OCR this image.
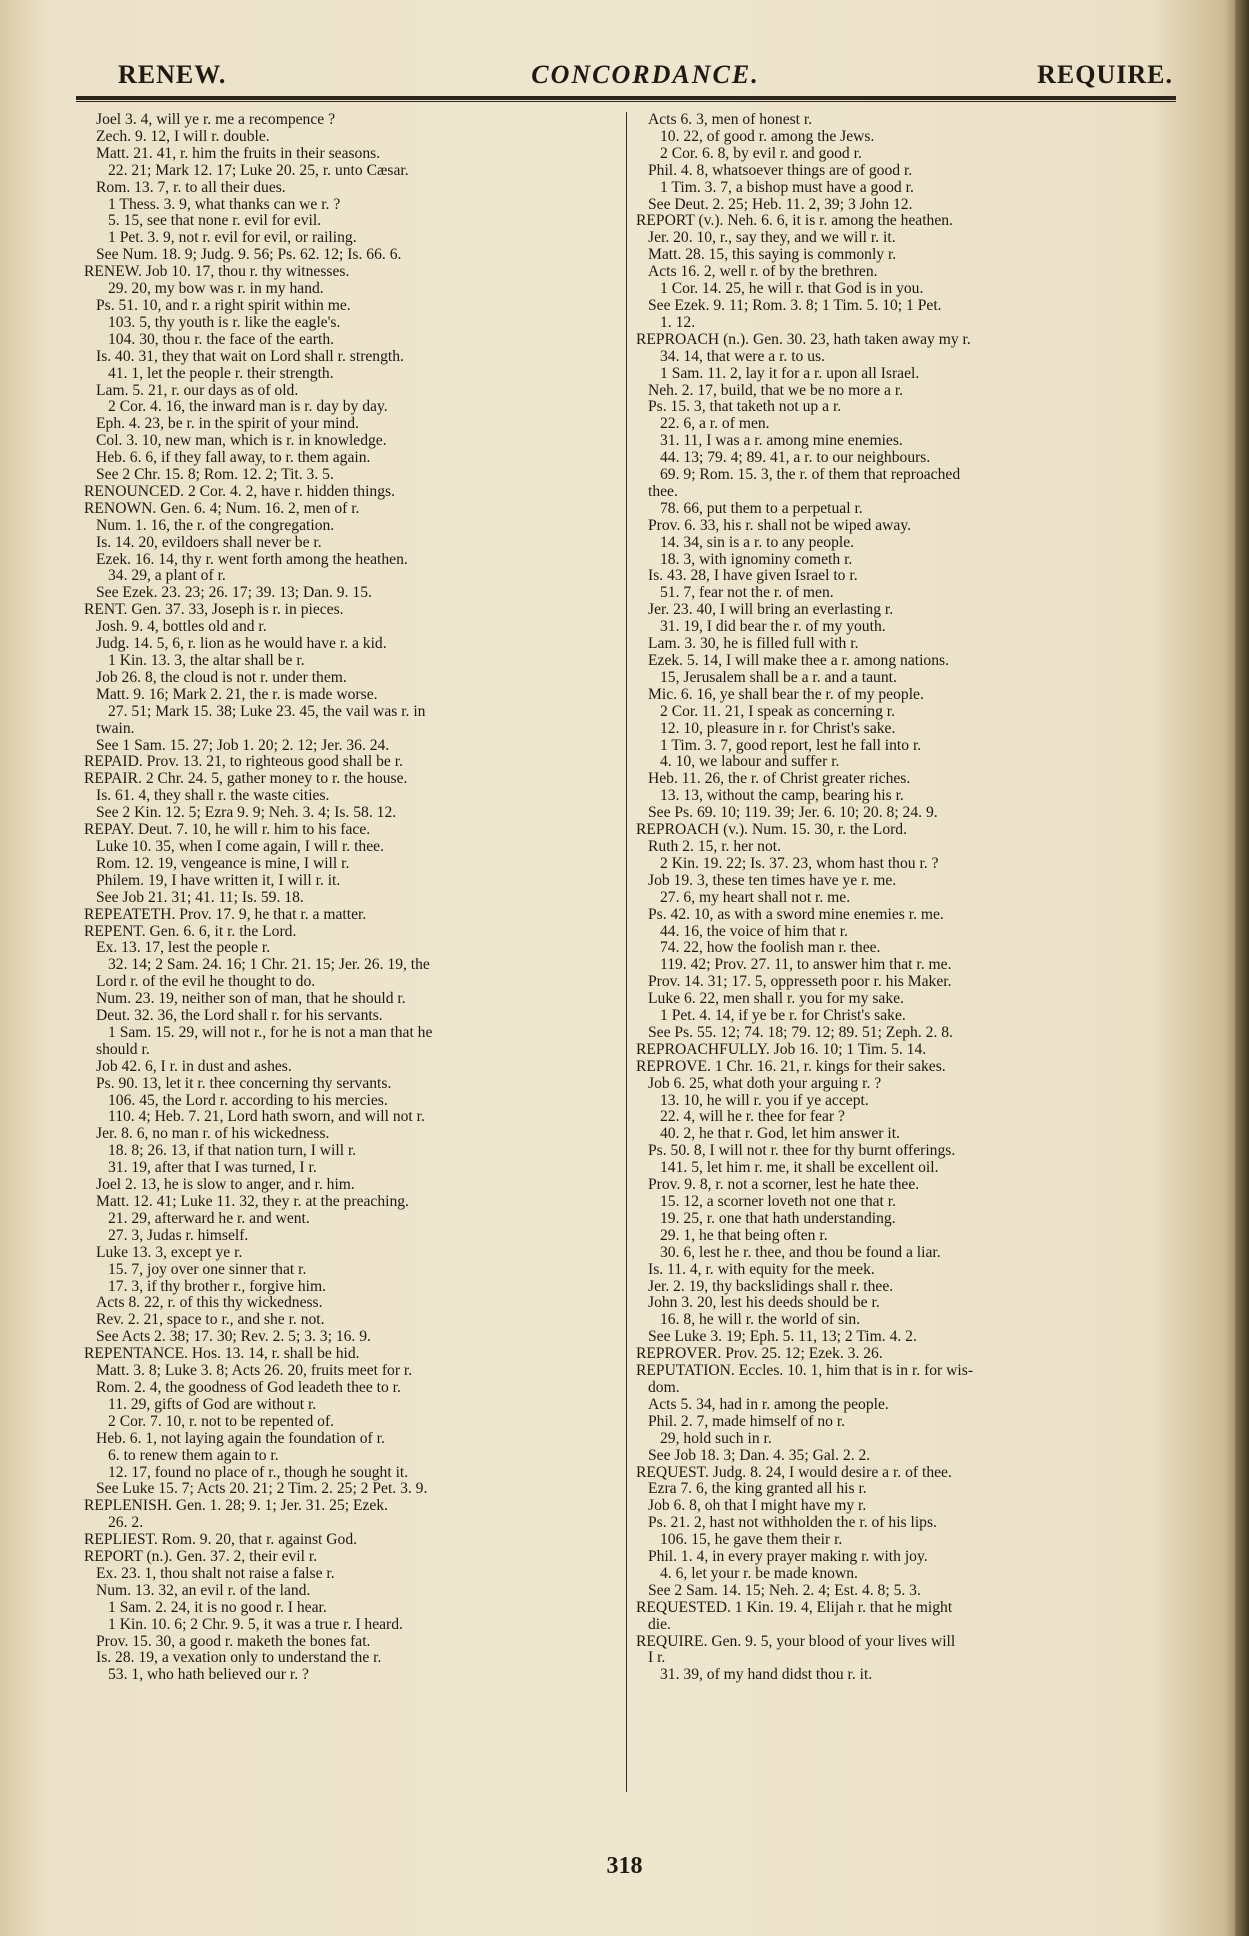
CONCORDANCE.
RENEW.	REQUIRE.
Joel 3. 4, will ye r. me a recompence ?
Zech. 9. 12, I will r. double.
Matt. 21. 41, r. him the fruits in their seasons.
22. 21; Mark 12. 17; Luke 20. 25, r. unto Cæsar.
Rom. 13. 7, r. to all their dues.
1 Thess. 3. 9, what thanks can we r. ?
5. 15, see that none r. evil for evil.
1 Pet. 3. 9, not r. evil for evil, or railing.
See Num. 18. 9; Judg. 9. 56; Ps. 62. 12; Is. 66. 6.
RENEW. Job 10. 17, thou r. thy witnesses.
29. 20, my bow was r. in my hand.
Ps. 51. 10, and r. a right spirit within me.
103. 5, thy youth is r. like the eagle's.
104. 30, thou r. the face of the earth.
Is. 40. 31, they that wait on Lord shall r. strength.
41. 1, let the people r. their strength.
Lam. 5. 21, r. our days as of old.
2 Cor. 4. 16, the inward man is r. day by day.
Eph. 4. 23, be r. in the spirit of your mind.
Col. 3. 10, new man, which is r. in knowledge.
Heb. 6. 6, if they fall away, to r. them again.
See 2 Chr. 15. 8; Rom. 12. 2; Tit. 3. 5.
RENOUNCED. 2 Cor. 4. 2, have r. hidden things.
RENOWN. Gen. 6. 4; Num. 16. 2, men of r.
Num. 1. 16, the r. of the congregation.
Is. 14. 20, evildoers shall never be r.
Ezek. 16. 14, thy r. went forth among the heathen.
34. 29, a plant of r.
See Ezek. 23. 23; 26. 17; 39. 13; Dan. 9. 15.
RENT. Gen. 37. 33, Joseph is r. in pieces.
Josh. 9. 4, bottles old and r.
Judg. 14. 5, 6, r. lion as he would have r. a kid.
1 Kin. 13. 3, the altar shall be r.
Job 26. 8, the cloud is not r. under them.
Matt. 9. 16; Mark 2. 21, the r. is made worse.
27. 51; Mark 15. 38; Luke 23. 45, the vail was r. in
twain.
See 1 Sam. 15. 27; Job 1. 20; 2. 12; Jer. 36. 24.
REPAID. Prov. 13. 21, to righteous good shall be r.
REPAIR. 2 Chr. 24. 5, gather money to r. the house.
Is. 61. 4, they shall r. the waste cities.
See 2 Kin. 12. 5; Ezra 9. 9; Neh. 3. 4; Is. 58. 12.
REPAY. Deut. 7. 10, he will r. him to his face.
Luke 10. 35, when I come again, I will r. thee.
Rom. 12. 19, vengeance is mine, I will r.
Philem. 19, I have written it, I will r. it.
See Job 21. 31; 41. 11; Is. 59. 18.
REPEATETH. Prov. 17. 9, he that r. a matter.
REPENT. Gen. 6. 6, it r. the Lord.
Ex. 13. 17, lest the people r.
32. 14; 2 Sam. 24. 16; 1 Chr. 21. 15; Jer. 26. 19, the
Lord r. of the evil he thought to do.
Num. 23. 19, neither son of man, that he should r.
Deut. 32. 36, the Lord shall r. for his servants.
1 Sam. 15. 29, will not r., for he is not a man that he
should r.
Job 42. 6, I r. in dust and ashes.
Ps. 90. 13, let it r. thee concerning thy servants.
106. 45, the Lord r. according to his mercies.
110. 4; Heb. 7. 21, Lord hath sworn, and will not r.
Jer. 8. 6, no man r. of his wickedness.
18. 8; 26. 13, if that nation turn, I will r.
31. 19, after that I was turned, I r.
Joel 2. 13, he is slow to anger, and r. him.
Matt. 12. 41; Luke 11. 32, they r. at the preaching.
21. 29, afterward he r. and went.
27. 3, Judas r. himself.
Luke 13. 3, except ye r.
15. 7, joy over one sinner that r.
17. 3, if thy brother r., forgive him.
Acts 8. 22, r. of this thy wickedness.
Rev. 2. 21, space to r., and she r. not.
See Acts 2. 38; 17. 30; Rev. 2. 5; 3. 3; 16. 9.
REPENTANCE. Hos. 13. 14, r. shall be hid.
Matt. 3. 8; Luke 3. 8; Acts 26. 20, fruits meet for r.
Rom. 2. 4, the goodness of God leadeth thee to r.
11. 29, gifts of God are without r.
2 Cor. 7. 10, r. not to be repented of.
Heb. 6. 1, not laying again the foundation of r.
6. to renew them again to r.
12. 17, found no place of r., though he sought it.
See Luke 15. 7; Acts 20. 21; 2 Tim. 2. 25; 2 Pet. 3. 9.
REPLENISH. Gen. 1. 28; 9. 1; Jer. 31. 25; Ezek.
26. 2.
REPLIEST. Rom. 9. 20, that r. against God.
REPORT (n.). Gen. 37. 2, their evil r.
Ex. 23. 1, thou shalt not raise a false r.
Num. 13. 32, an evil r. of the land.
1 Sam. 2. 24, it is no good r. I hear.
1 Kin. 10. 6; 2 Chr. 9. 5, it was a true r. I heard.
Prov. 15. 30, a good r. maketh the bones fat.
Is. 28. 19, a vexation only to understand the r.
53. 1, who hath believed our r. ?
Acts 6. 3, men of honest r.
10. 22, of good r. among the Jews.
2 Cor. 6. 8, by evil r. and good r.
Phil. 4. 8, whatsoever things are of good r.
1 Tim. 3. 7, a bishop must have a good r.
See Deut. 2. 25; Heb. 11. 2, 39; 3 John 12.
REPORT (v.). Neh. 6. 6, it is r. among the heathen.
Jer. 20. 10, r., say they, and we will r. it.
Matt. 28. 15, this saying is commonly r.
Acts 16. 2, well r. of by the brethren.
1 Cor. 14. 25, he will r. that God is in you.
See Ezek. 9. 11; Rom. 3. 8; 1 Tim. 5. 10; 1 Pet.
1. 12.
REPROACH (n.). Gen. 30. 23, hath taken away my r.
34. 14, that were a r. to us.
1 Sam. 11. 2, lay it for a r. upon all Israel.
Neh. 2. 17, build, that we be no more a r.
Ps. 15. 3, that taketh not up a r.
22. 6, a r. of men.
31. 11, I was a r. among mine enemies.
44. 13; 79. 4; 89. 41, a r. to our neighbours.
69. 9; Rom. 15. 3, the r. of them that reproached
thee.
78. 66, put them to a perpetual r.
Prov. 6. 33, his r. shall not be wiped away.
14. 34, sin is a r. to any people.
18. 3, with ignominy cometh r.
Is. 43. 28, I have given Israel to r.
51. 7, fear not the r. of men.
Jer. 23. 40, I will bring an everlasting r.
31. 19, I did bear the r. of my youth.
Lam. 3. 30, he is filled full with r.
Ezek. 5. 14, I will make thee a r. among nations.
15, Jerusalem shall be a r. and a taunt.
Mic. 6. 16, ye shall bear the r. of my people.
2 Cor. 11. 21, I speak as concerning r.
12. 10, pleasure in r. for Christ's sake.
1 Tim. 3. 7, good report, lest he fall into r.
4. 10, we labour and suffer r.
Heb. 11. 26, the r. of Christ greater riches.
13. 13, without the camp, bearing his r.
See Ps. 69. 10; 119. 39; Jer. 6. 10; 20. 8; 24. 9.
REPROACH (v.). Num. 15. 30, r. the Lord.
Ruth 2. 15, r. her not.
2 Kin. 19. 22; Is. 37. 23, whom hast thou r. ?
Job 19. 3, these ten times have ye r. me.
27. 6, my heart shall not r. me.
Ps. 42. 10, as with a sword mine enemies r. me.
44. 16, the voice of him that r.
74. 22, how the foolish man r. thee.
119. 42; Prov. 27. 11, to answer him that r. me.
Prov. 14. 31; 17. 5, oppresseth poor r. his Maker.
Luke 6. 22, men shall r. you for my sake.
1 Pet. 4. 14, if ye be r. for Christ's sake.
See Ps. 55. 12; 74. 18; 79. 12; 89. 51; Zeph. 2. 8.
REPROACHFULLY. Job 16. 10; 1 Tim. 5. 14.
REPROVE. 1 Chr. 16. 21, r. kings for their sakes.
Job 6. 25, what doth your arguing r. ?
13. 10, he will r. you if ye accept.
22. 4, will he r. thee for fear ?
40. 2, he that r. God, let him answer it.
Ps. 50. 8, I will not r. thee for thy burnt offerings.
141. 5, let him r. me, it shall be excellent oil.
Prov. 9. 8, r. not a scorner, lest he hate thee.
15. 12, a scorner loveth not one that r.
19. 25, r. one that hath understanding.
29. 1, he that being often r.
30. 6, lest he r. thee, and thou be found a liar.
Is. 11. 4, r. with equity for the meek.
Jer. 2. 19, thy backslidings shall r. thee.
John 3. 20, lest his deeds should be r.
16. 8, he will r. the world of sin.
See Luke 3. 19; Eph. 5. 11, 13; 2 Tim. 4. 2.
REPROVER. Prov. 25. 12; Ezek. 3. 26.
REPUTATION. Eccles. 10. 1, him that is in r. for wis-
dom.
Acts 5. 34, had in r. among the people.
Phil. 2. 7, made himself of no r.
29, hold such in r.
See Job 18. 3; Dan. 4. 35; Gal. 2. 2.
REQUEST. Judg. 8. 24, I would desire a r. of thee.
Ezra 7. 6, the king granted all his r.
Job 6. 8, oh that I might have my r.
Ps. 21. 2, hast not withholden the r. of his lips.
106. 15, he gave them their r.
Phil. 1. 4, in every prayer making r. with joy.
4. 6, let your r. be made known.
See 2 Sam. 14. 15; Neh. 2. 4; Est. 4. 8; 5. 3.
REQUESTED. 1 Kin. 19. 4, Elijah r. that he might
die.
REQUIRE. Gen. 9. 5, your blood of your lives will
I r.
31. 39, of my hand didst thou r. it.
318
